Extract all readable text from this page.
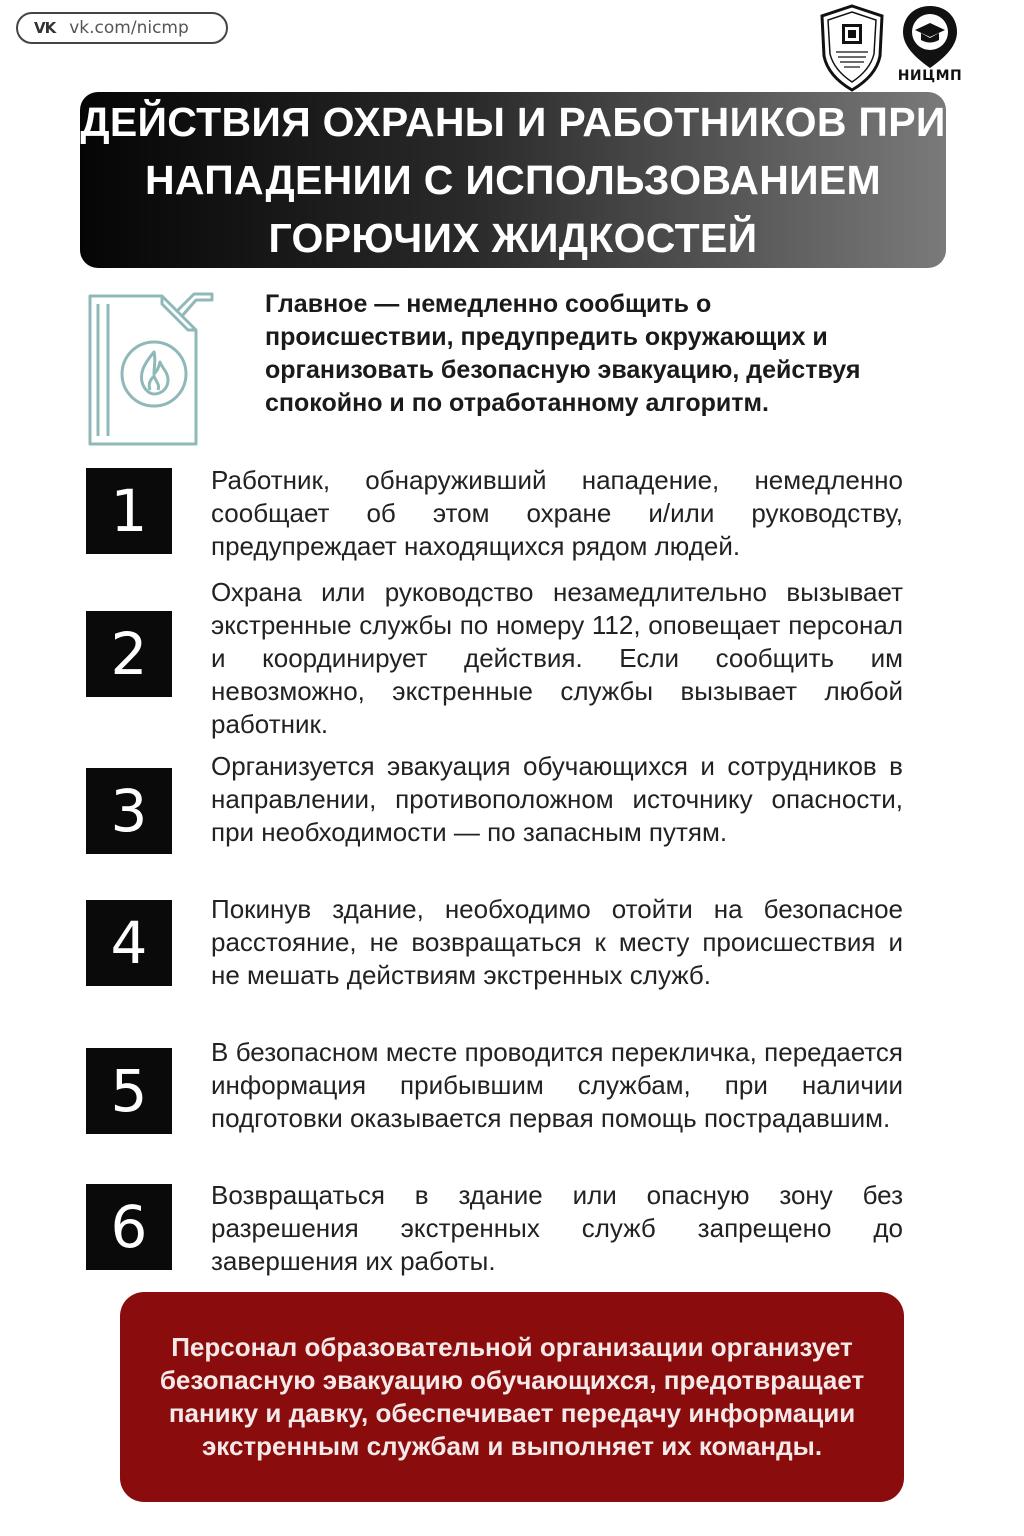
VK vk.com/nicmp
НИЦМП
ДЕЙСТВИЯ ОХРАНЫ И РАБОТНИКОВ ПРИ НАПАДЕНИИ С ИСПОЛЬЗОВАНИЕМ ГОРЮЧИХ ЖИДКОСТЕЙ

Главное — немедленно сообщить о происшествии, предупредить окружающих и организовать безопасную эвакуацию, действуя спокойно и по отработанному алгоритм.

1	Работник, обнаруживший нападение, немедленно сообщает об этом охране и/или руководству, предупреждает находящихся рядом людей.

2

Охрана или руководство незамедлительно вызывает экстренные службы по номеру 112, оповещает персонал и координирует действия. Если сообщить им невозможно, экстренные службы вызывает любой работник.

3

Организуется эвакуация обучающихся и сотрудников в направлении, противоположном источнику опасности, при необходимости — по запасным путям.

4	Покинув здание, необходимо отойти на безопасное расстояние, не возвращаться к месту происшествия и не мешать действиям экстренных служб.

5

В безопасном месте проводится перекличка, передается информация прибывшим службам, при наличии подготовки оказывается первая помощь пострадавшим.

6	Возвращаться в здание или опасную зону без разрешения экстренных служб запрещено до завершения их работы.

Персонал образовательной организации организует безопасную эвакуацию обучающихся, предотвращает панику и давку, обеспечивает передачу информации экстренным службам и выполняет их команды.
